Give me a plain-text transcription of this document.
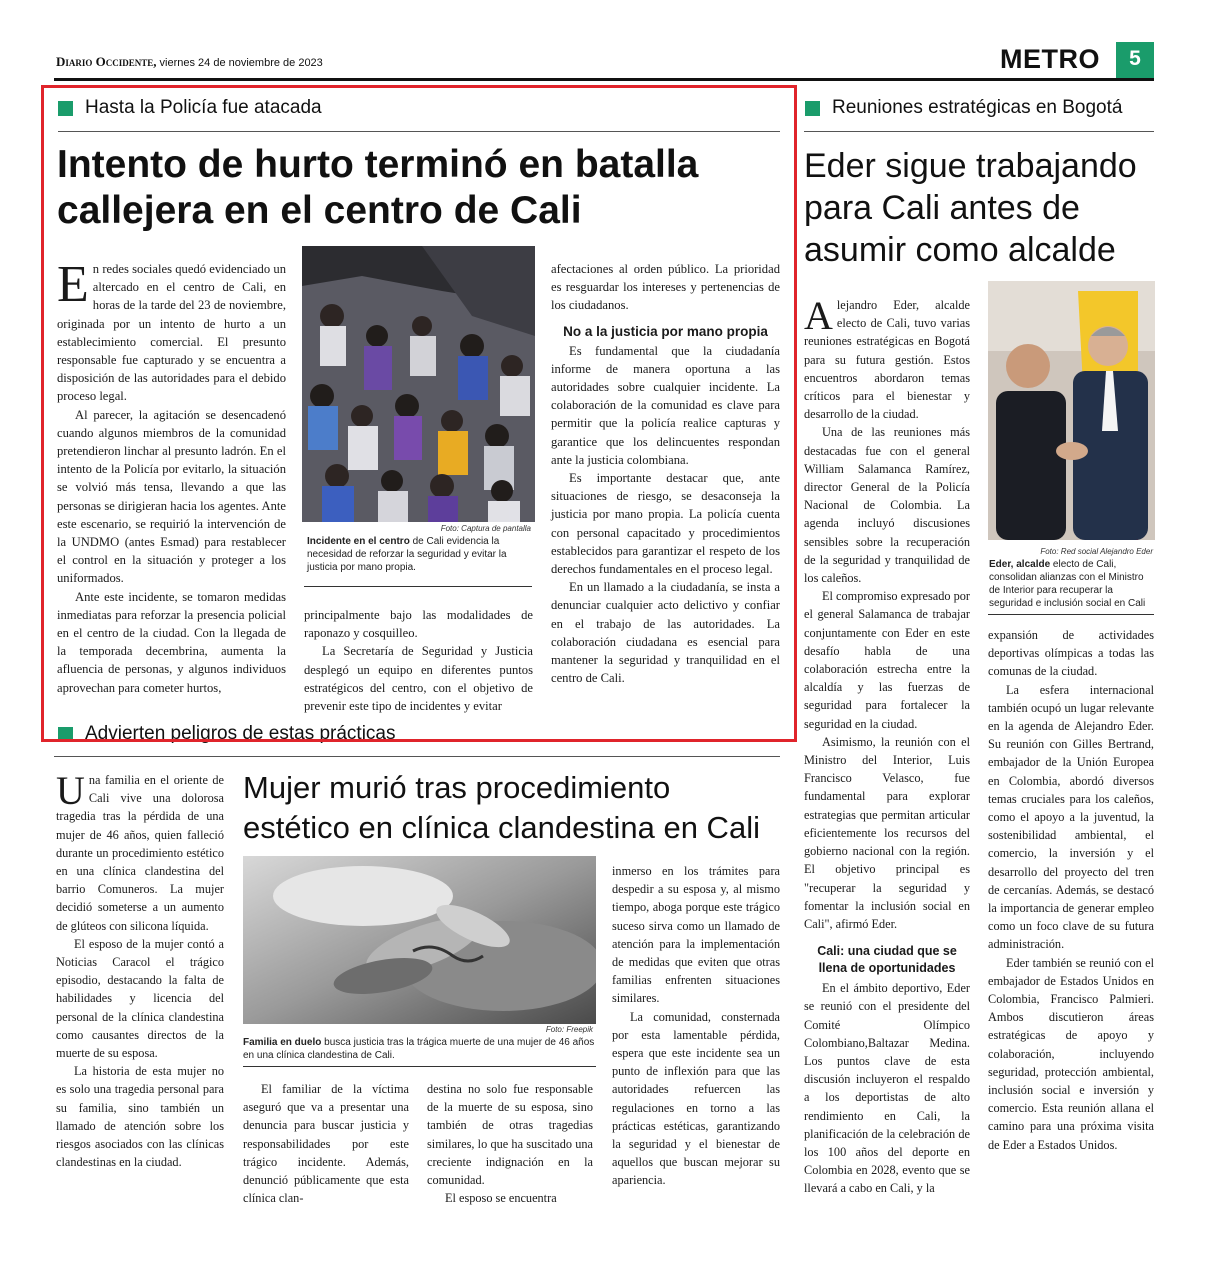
Diario Occidente, viernes 24 de noviembre de 2023	METRO	5
Hasta la Policía fue atacada
Intento de hurto terminó en batalla callejera en el centro de Cali
E n redes sociales quedó evidenciado un altercado en el centro de Cali, en horas de la tarde del 23 de noviembre, originada por un intento de hurto a un establecimiento comercial. El presunto responsable fue capturado y se encuentra a disposición de las autoridades para el debido proceso legal.

Al parecer, la agitación se desencadenó cuando algunos miembros de la comunidad pretendieron linchar al presunto ladrón. En el intento de la Policía por evitarlo, la situación se volvió más tensa, llevando a que las personas se dirigieran hacia los agentes. Ante este escenario, se requirió la intervención de la UNDMO (antes Esmad) para restablecer el control en la situación y proteger a los uniformados.

Ante este incidente, se tomaron medidas inmediatas para reforzar la presencia policial en el centro de la ciudad. Con la llegada de la temporada decembrina, aumenta la afluencia de personas, y algunos individuos aprovechan para cometer hurtos,

Foto: Captura de pantalla
Incidente en el centro de Cali evidencia la necesidad de reforzar la seguridad y evitar la justicia por mano propia.

principalmente bajo las modalidades de raponazo y cosquilleo.

La Secretaría de Seguridad y Justicia desplegó un equipo en diferentes puntos estratégicos del centro, con el objetivo de prevenir este tipo de incidentes y evitar

afectaciones al orden público. La prioridad es resguardar los intereses y pertenencias de los ciudadanos.

No a la justicia por mano propia

Es fundamental que la ciudadanía informe de manera oportuna a las autoridades sobre cualquier incidente. La colaboración de la comunidad es clave para permitir que la policía realice capturas y garantice que los delincuentes respondan ante la justicia colombiana.

Es importante destacar que, ante situaciones de riesgo, se desaconseja la justicia por mano propia. La policía cuenta con personal capacitado y procedimientos establecidos para garantizar el respeto de los derechos fundamentales en el proceso legal.

En un llamado a la ciudadanía, se insta a denunciar cualquier acto delictivo y confiar en el trabajo de las autoridades. La colaboración ciudadana es esencial para mantener la seguridad y tranquilidad en el centro de Cali.

Advierten peligros de estas prácticas
U na familia en el oriente de Cali vive una dolorosa tragedia tras la pérdida de una mujer de 46 años, quien falleció durante un procedimiento estético en una clínica clandestina del barrio Comuneros. La mujer decidió someterse a un aumento de glúteos con silicona líquida.

El esposo de la mujer contó a Noticias Caracol el trágico episodio, destacando la falta de habilidades y licencia del personal de la clínica clandestina como causantes directos de la muerte de su esposa.

La historia de esta mujer no es solo una tragedia personal para su familia, sino también un llamado de atención sobre los riesgos asociados con las clínicas clandestinas en la ciudad.

Mujer murió tras procedimiento estético en clínica clandestina en Cali
Foto: Freepik
Familia en duelo busca justicia tras la trágica muerte de una mujer de 46 años en una clínica clandestina de Cali.

El familiar de la víctima aseguró que va a presentar una denuncia para buscar justicia y responsabilidades por este trágico incidente. Además, denunció públicamente que esta clínica clan-

destina no solo fue responsable de la muerte de su esposa, sino también de otras tragedias similares, lo que ha suscitado una creciente indignación en la comunidad.

El esposo se encuentra

inmerso en los trámites para despedir a su esposa y, al mismo tiempo, aboga porque este trágico suceso sirva como un llamado de atención para la implementación de medidas que eviten que otras familias enfrenten situaciones similares.

La comunidad, consternada por esta lamentable pérdida, espera que este incidente sea un punto de inflexión para que las autoridades refuercen las regulaciones en torno a las prácticas estéticas, garantizando la seguridad y el bienestar de aquellos que buscan mejorar su apariencia.

Reuniones estratégicas en Bogotá
Eder sigue trabajando para Cali antes de asumir como alcalde
A lejandro Eder, alcalde electo de Cali, tuvo varias reuniones estratégicas en Bogotá para su futura gestión. Estos encuentros abordaron temas críticos para el bienestar y desarrollo de la ciudad.

Una de las reuniones más destacadas fue con el general William Salamanca Ramírez, director General de la Policía Nacional de Colombia. La agenda incluyó discusiones sensibles sobre la recuperación de la seguridad y tranquilidad de los caleños.

El compromiso expresado por el general Salamanca de trabajar conjuntamente con Eder en este desafío habla de una colaboración estrecha entre la alcaldía y las fuerzas de seguridad para fortalecer la seguridad en la ciudad.

Asimismo, la reunión con el Ministro del Interior, Luis Francisco Velasco, fue fundamental para explorar estrategias que permitan articular eficientemente los recursos del gobierno nacional con la región. El objetivo principal es "recuperar la seguridad y fomentar la inclusión social en Cali", afirmó Eder.

Cali: una ciudad que se llena de oportunidades

En el ámbito deportivo, Eder se reunió con el presidente del Comité Olímpico Colombiano,Baltazar Medina. Los puntos clave de esta discusión incluyeron el respaldo a los deportistas de alto rendimiento en Cali, la planificación de la celebración de los 100 años del deporte en Colombia en 2028, evento que se llevará a cabo en Cali, y la

Foto: Red social Alejandro Eder
Eder, alcalde electo de Cali, consolidan alianzas con el Ministro de Interior para recuperar la seguridad e inclusión social en Cali

expansión de actividades deportivas olímpicas a todas las comunas de la ciudad.

La esfera internacional también ocupó un lugar relevante en la agenda de Alejandro Eder. Su reunión con Gilles Bertrand, embajador de la Unión Europea en Colombia, abordó diversos temas cruciales para los caleños, como el apoyo a la juventud, la sostenibilidad ambiental, el comercio, la inversión y el desarrollo del proyecto del tren de cercanías. Además, se destacó la importancia de generar empleo como un foco clave de su futura administración.

Eder también se reunió con el embajador de Estados Unidos en Colombia, Francisco Palmieri. Ambos discutieron áreas estratégicas de apoyo y colaboración, incluyendo seguridad, protección ambiental, inclusión social e inversión y comercio. Esta reunión allana el camino para una próxima visita de Eder a Estados Unidos.
